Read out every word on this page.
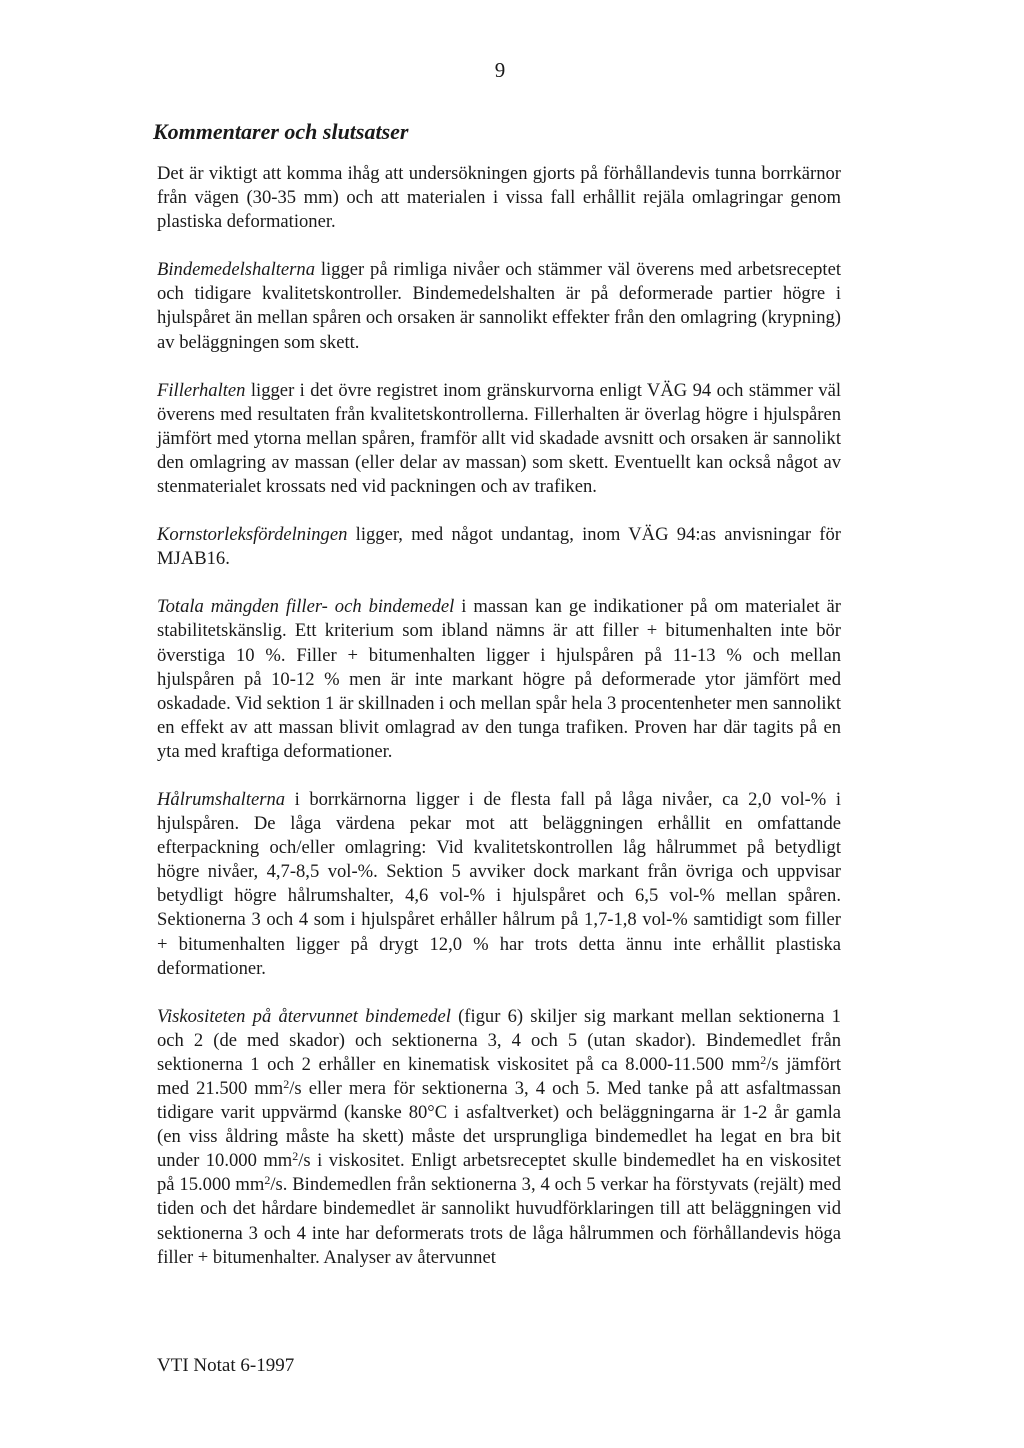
9
Kommentarer och slutsatser

Det är viktigt att komma ihåg att undersökningen gjorts på förhållandevis tunna borrkärnor från vägen (30-35 mm) och att materialen i vissa fall erhållit rejäla omlagringar genom plastiska deformationer.

Bindemedelshalterna ligger på rimliga nivåer och stämmer väl överens med arbetsreceptet och tidigare kvalitetskontroller. Bindemedelshalten är på deformerade partier högre i hjulspåret än mellan spåren och orsaken är sannolikt effekter från den omlagring (krypning) av beläggningen som skett.

Fillerhalten ligger i det övre registret inom gränskurvorna enligt VÄG 94 och stämmer väl överens med resultaten från kvalitetskontrollerna. Fillerhalten är överlag högre i hjulspåren jämfört med ytorna mellan spåren, framför allt vid skadade avsnitt och orsaken är sannolikt den omlagring av massan (eller delar av massan) som skett. Eventuellt kan också något av stenmaterialet krossats ned vid packningen och av trafiken.

Kornstorleksfördelningen ligger, med något undantag, inom VÄG 94:as anvisningar för MJAB16.

Totala mängden filler- och bindemedel i massan kan ge indikationer på om materialet är stabilitetskänslig. Ett kriterium som ibland nämns är att filler + bitumenhalten inte bör överstiga 10 %. Filler + bitumenhalten ligger i hjulspåren på 11-13 % och mellan hjulspåren på 10-12 % men är inte markant högre på deformerade ytor jämfört med oskadade. Vid sektion 1 är skillnaden i och mellan spår hela 3 procentenheter men sannolikt en effekt av att massan blivit omlagrad av den tunga trafiken. Proven har där tagits på en yta med kraftiga deformationer.

Hålrumshalterna i borrkärnorna ligger i de flesta fall på låga nivåer, ca 2,0 vol-% i hjulspåren. De låga värdena pekar mot att beläggningen erhållit en omfattande efterpackning och/eller omlagring: Vid kvalitetskontrollen låg hålrummet på betydligt högre nivåer, 4,7-8,5 vol-%. Sektion 5 avviker dock markant från övriga och uppvisar betydligt högre hålrumshalter, 4,6 vol-% i hjulspåret och 6,5 vol-% mellan spåren. Sektionerna 3 och 4 som i hjulspåret erhåller hålrum på 1,7-1,8 vol-% samtidigt som filler + bitumenhalten ligger på drygt 12,0 % har trots detta ännu inte erhållit plastiska deformationer.

Viskositeten på återvunnet bindemedel (figur 6) skiljer sig markant mellan sektionerna 1 och 2 (de med skador) och sektionerna 3, 4 och 5 (utan skador). Bindemedlet från sektionerna 1 och 2 erhåller en kinematisk viskositet på ca 8.000-11.500 $mm^2/s$ jämfört med 21.500 $mm^2/s$ eller mera för sektionerna 3, 4 och 5. Med tanke på att asfaltmassan tidigare varit uppvärmd (kanske 80°C i asfaltverket) och beläggningarna är 1-2 år gamla (en viss åldring måste ha skett) måste det ursprungliga bindemedlet ha legat en bra bit under 10.000 $mm^2/s$ i viskositet. Enligt arbetsreceptet skulle bindemedlet ha en viskositet på 15.000 $mm^2/s$. Bindemedlen från sektionerna 3, 4 och 5 verkar ha förstyvats (rejält) med tiden och det hårdare bindemedlet är sannolikt huvudförklaringen till att beläggningen vid sektionerna 3 och 4 inte har deformerats trots de låga hålrummen och förhållandevis höga filler + bitumenhalter. Analyser av återvunnet

VTI Notat 6-1997
